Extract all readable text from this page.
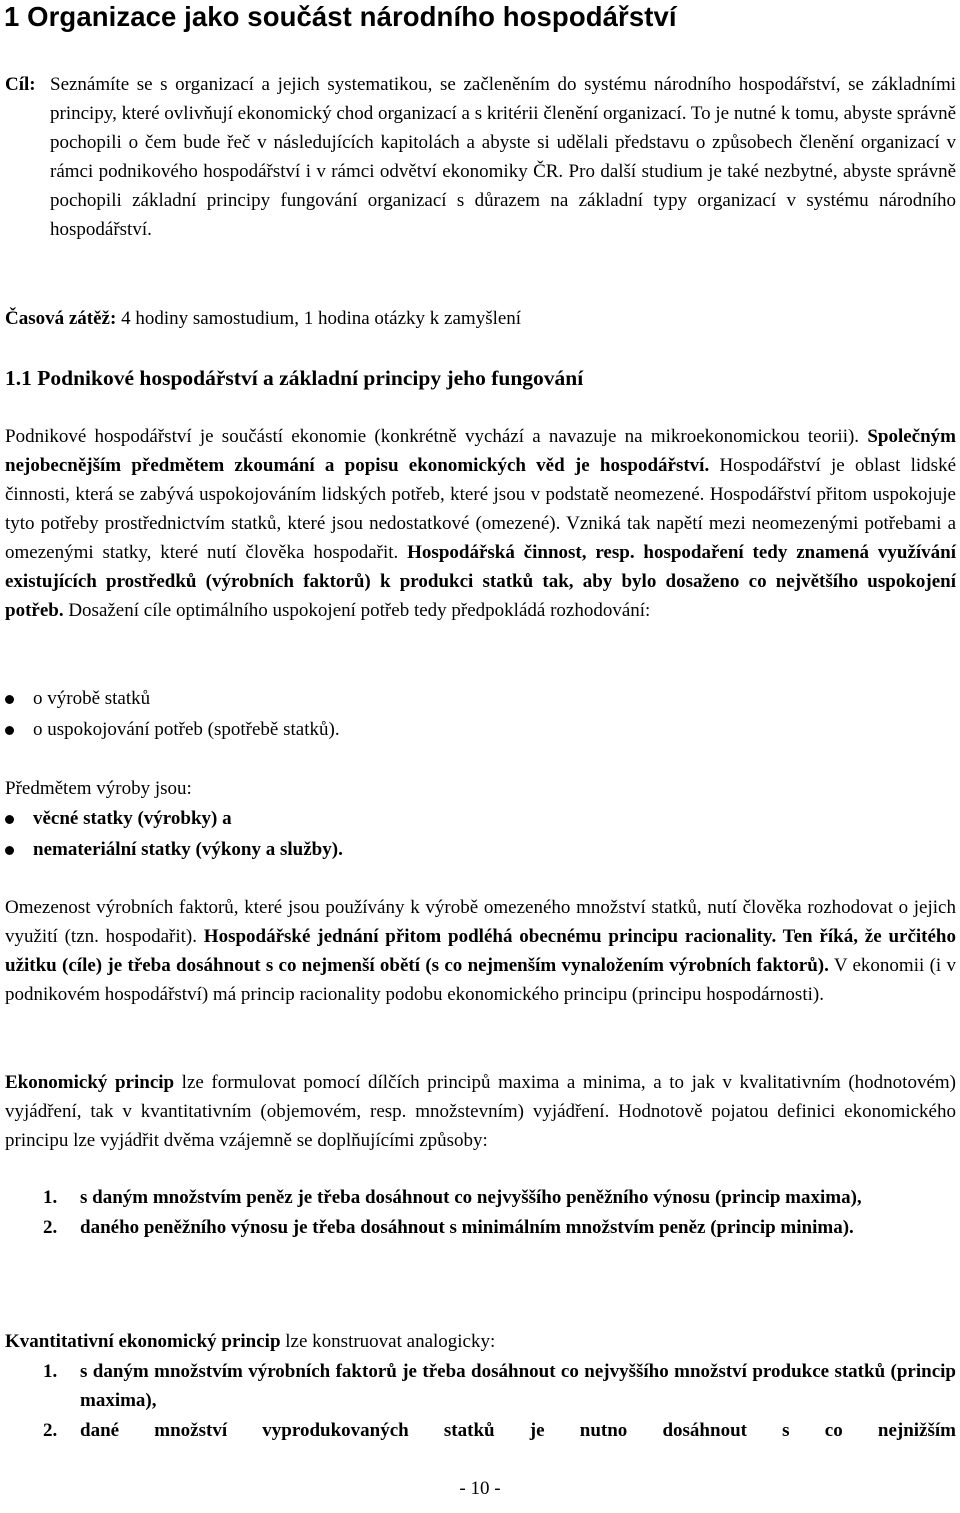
1 Organizace jako součást národního hospodářství

Cíl: Seznámíte se s organizací a jejich systematikou, se začleněním do systému národního hospodářství, se základními principy, které ovlivňují ekonomický chod organizací a s kritérii členění organizací. To je nutné k tomu, abyste správně pochopili o čem bude řeč v následujících kapitolách a abyste si udělali představu o způsobech členění organizací v rámci podnikového hospodářství i v rámci odvětví ekonomiky ČR. Pro další studium je také nezbytné, abyste správně pochopili základní principy fungování organizací s důrazem na základní typy organizací v systému národního hospodářství.

Časová zátěž: 4 hodiny samostudium, 1 hodina otázky k zamyšlení

1.1 Podnikové hospodářství a základní principy jeho fungování

Podnikové hospodářství je součástí ekonomie (konkrétně vychází a navazuje na mikroekonomickou teorii). Společným nejobecnějším předmětem zkoumání a popisu ekonomických věd je hospodářství. Hospodářství je oblast lidské činnosti, která se zabývá uspokojováním lidských potřeb, které jsou v podstatě neomezené. Hospodářství přitom uspokojuje tyto potřeby prostřednictvím statků, které jsou nedostatkové (omezené). Vzniká tak napětí mezi neomezenými potřebami a omezenými statky, které nutí člověka hospodařit. Hospodářská činnost, resp. hospodaření tedy znamená využívání existujících prostředků (výrobních faktorů) k produkci statků tak, aby bylo dosaženo co největšího uspokojení potřeb. Dosažení cíle optimálního uspokojení potřeb tedy předpokládá rozhodování:

o výrobě statků
o uspokojování potřeb (spotřebě statků).

Předmětem výroby jsou:

věcné statky (výrobky) a
nemateriální statky (výkony a služby).

Omezenost výrobních faktorů, které jsou používány k výrobě omezeného množství statků, nutí člověka rozhodovat o jejich využití (tzn. hospodařit). Hospodářské jednání přitom podléhá obecnému principu racionality. Ten říká, že určitého užitku (cíle) je třeba dosáhnout s co nejmenší obětí (s co nejmenším vynaložením výrobních faktorů). V ekonomii (i v podnikovém hospodářství) má princip racionality podobu ekonomického principu (principu hospodárnosti).

Ekonomický princip lze formulovat pomocí dílčích principů maxima a minima, a to jak v kvalitativním (hodnotovém) vyjádření, tak v kvantitativním (objemovém, resp. množstevním) vyjádření. Hodnotově pojatou definici ekonomického principu lze vyjádřit dvěma vzájemně se doplňujícími způsoby:

1. s daným množstvím peněz je třeba dosáhnout co nejvyššího peněžního výnosu (princip maxima),
2. daného peněžního výnosu je třeba dosáhnout s minimálním množstvím peněz (princip minima).

Kvantitativní ekonomický princip lze konstruovat analogicky:

1. s daným množstvím výrobních faktorů je třeba dosáhnout co nejvyššího množství produkce statků (princip maxima),
2. dané množství vyprodukovaných statků je nutno dosáhnout s co nejnižším
- 10 -
